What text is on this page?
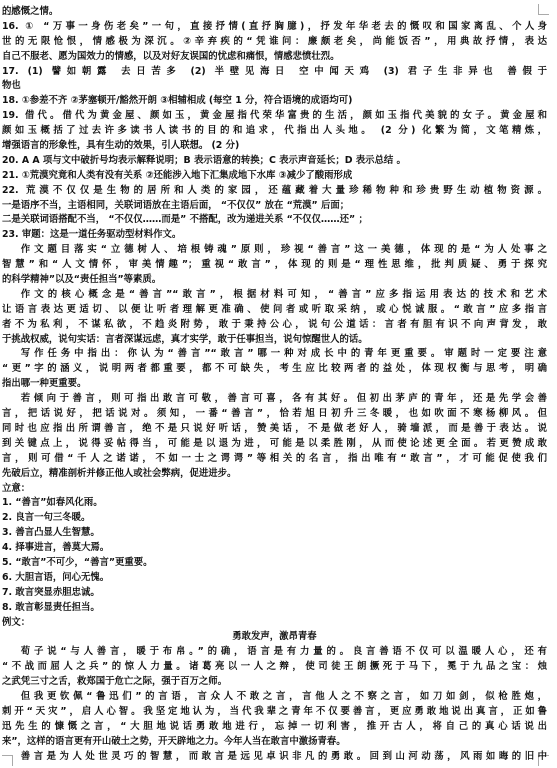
的感慨之情。
16. ① “万事一身伤老矣”一句，直接抒情(直抒胸臆)，抒发年华老去的慨叹和国家离乱、个人身
世的无限怆恨，情感极为深沉。②辛弃疾的“凭谁问：廉颇老矣，尚能饭否”，用典故抒情，表达
自己不服老、愿为国效力的情感，以及对好友误国的忧虑和痛恨，情感悲愤壮烈。
17. (1) 譬如朝露 去日苦多 (2) 半壁见海日 空中闻天鸡 (3) 君子生非异也 善假于
物也
18. ①参差不齐 ②茅塞顿开/豁然开朗 ③相辅相成 (每空 1 分，符合语境的成语均可)
19. 借代。借代为黄金屋、颜如玉，黄金屋指代荣华富贵的生活，颜如玉指代美貌的女子。黄金屋和
颜如玉概括了过去许多读书人读书的目的和追求，代指出人头地。 (2 分) 化繁为简，文笔精炼，
增强语言的形象性，具有生动的效果，引人联想。 (2 分)
20. A A 项与文中破折号均表示解释说明；B 表示语意的转换；C 表示声音延长；D 表示总结 。
21. ①荒漠究竟和人类有没有关系 ②还能涉入地下汇集成地下水库 ③减少了酸雨形成
22. 荒漠不仅仅是生物的居所和人类的家园，还蕴藏着大量珍稀物种和珍贵野生动植物资源。
一是语序不当，主语相同，关联词语放在主语后面， “不仅仅” 放在 “荒漠” 后面；
二是关联词语搭配不当， “不仅仅……而是” 不搭配，改为递进关系 “不仅仅……还” ；
23. 审题：这是一道任务驱动型材料作文。
作文题目落实“立德树人、培根铸魂”原则，珍视“善言”这一美德，体现的是“为人处事之
智慧”和“人文情怀，审美情趣”；重视“敢言”，体现的则是“理性思维，批判质疑、勇于探究
的科学精神”以及“责任担当”等素质。
作文的核心概念是“善言”“敢言”，根据材料可知，“善言”应多指运用表达的技术和艺术
让语言表达更适切、以便让听者理解更准确、使问者或听取采纳，或心悦诚服。“敢言”应多指言
者不为私利，不谋私欲，不趋炎附势，敢于秉持公心，说句公道话：言者有胆有识不向声背发，敢
于挑战权威，说句实话：言者深谋远虑，真才实学，敢于任事担当，说句惊醒世人的话。
写作任务中指出：你认为“善言”“敢言”哪一种对成长中的青年更重要。审题时一定要注意
“更”字的涵义，说明两者都重要，都不可缺失，考生应比较两者的益处，体现权衡与思考，明确
指出哪一种更重要。
若倾向于善言，则可指出敢言可敬，善言可喜，各有其好。但初出茅庐的青年，还是先学会善
言，把话说好，把话说对。须知，一番“善言”，恰若旭日初升三冬暖，也如吹面不寒杨柳风。但
同时也应指出所谓善言，绝不是只说好听话，赞美话，不是做老好人，骑墙派，而是善于表达。说
到关键点上，说得妥帖得当，可能是以退为进，可能是以柔胜刚，从而使论述更全面。若更赞成敢
言，则可借“千人之诺诺，不如一士之谔谔”等相关的名言，指出唯有“敢言”，才可能促使我们
先破后立，精准剖析并修正他人或社会弊病，促进进步。
立意：
1. “善言”如春风化雨。
2. 良言一句三冬暖。
3. 善言凸显人生智慧。
4. 择事进言，善莫大焉。
5. “敢言”不可少，“善言”更重要。
6. 大胆言语，问心无愧。
7. 敢言突显赤胆忠诚。
8. 敢言彰显责任担当。
例文：
勇敢发声，激昂青春
荀子说“与人善言，暖于布帛。”的确，语言是有力量的。良言善语不仅可以温暖人心，还有
“不战而屈人之兵”的惊人力量。诸葛亮以一人之辩，使司徒王朗撅死于马下，冕于九品之宝：烛
之武凭三寸之舌，救郑国于危亡之际，强于百万之师。
但我更钦佩“鲁迅们”的言语，言众人不敢之言，言他人之不察之言，如刀如剑，似枪胜炮，
刺开“天灾”，启人心智。我坚定地认为，当代我辈之青年不仅要善言，更应勇敢地说出真言，正如鲁
迅先生的慷慨之言，“大胆地说话勇敢地进行，忘掉一切利害，推开古人，将自己的真心话说出
来”，这样的语言更有开山破土之势，开天辟地之力。今年人当在敢言中激扬青春。
善言是为人处世灵巧的智慧，而敢言是远见卓识非凡的勇敢。回到山河动荡，风雨如晦的旧中
